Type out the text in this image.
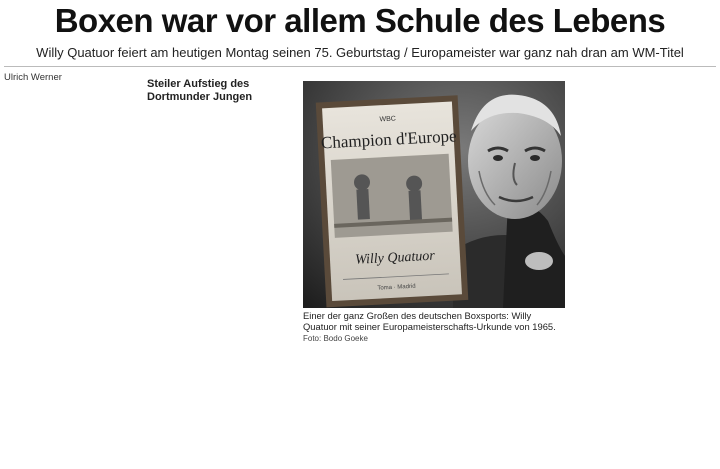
Boxen war vor allem Schule des Lebens
Willy Quatuor feiert am heutigen Montag seinen 75. Geburtstag / Europameister war ganz nah dran am WM-Titel

Ulrich Werner

Steiler Aufstieg des Dortmunder Jungen

WBC
Champion d'Europe
Willy Quatuor
Toma · Madrid
Einer der ganz Großen des deutschen Boxsports: Willy Quatuor mit seiner Europameisterschafts-Urkunde von 1965. Foto: Bodo Goeke
